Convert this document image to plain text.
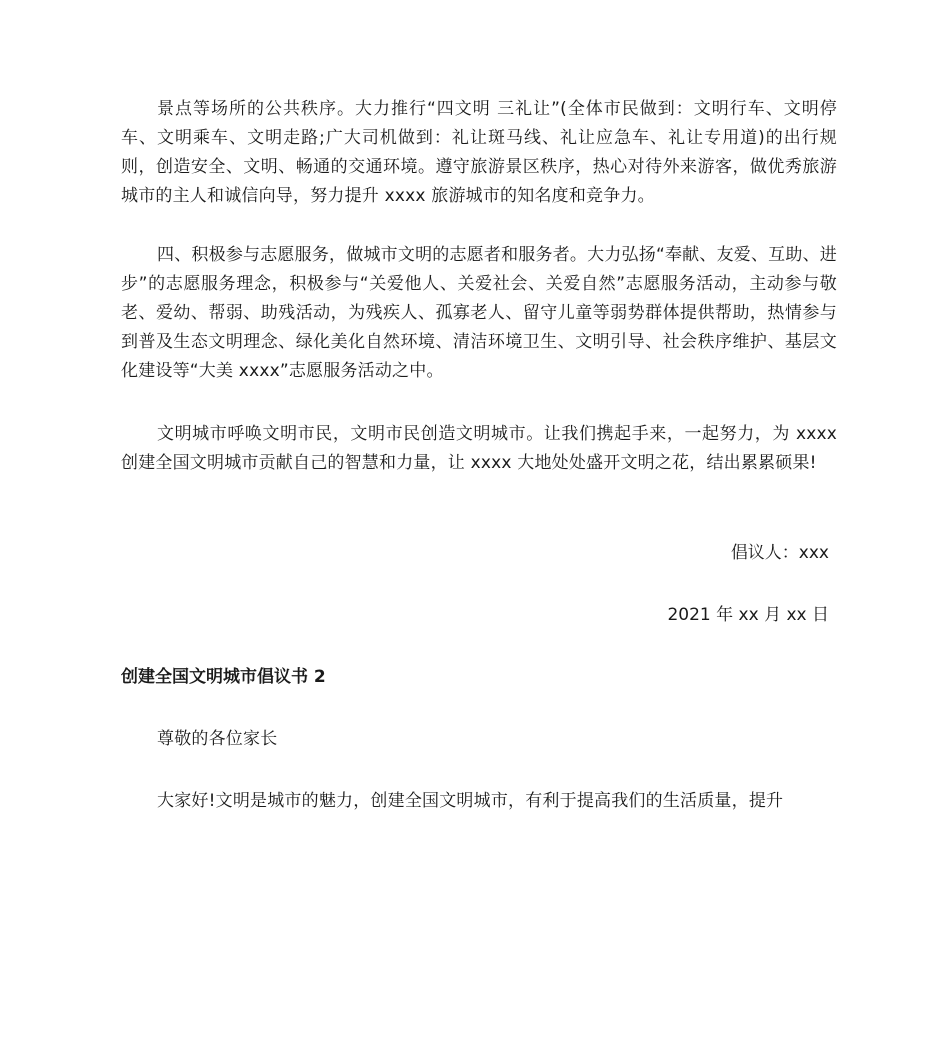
景点等场所的公共秩序。大力推行“四文明 三礼让”(全体市民做到：文明行车、文明停车、文明乘车、文明走路;广大司机做到：礼让斑马线、礼让应急车、礼让专用道)的出行规则，创造安全、文明、畅通的交通环境。遵守旅游景区秩序，热心对待外来游客，做优秀旅游城市的主人和诚信向导，努力提升 xxxx 旅游城市的知名度和竞争力。

四、积极参与志愿服务，做城市文明的志愿者和服务者。大力弘扬“奉献、友爱、互助、进步”的志愿服务理念，积极参与“关爱他人、关爱社会、关爱自然”志愿服务活动，主动参与敬老、爱幼、帮弱、助残活动，为残疾人、孤寡老人、留守儿童等弱势群体提供帮助，热情参与到普及生态文明理念、绿化美化自然环境、清洁环境卫生、文明引导、社会秩序维护、基层文化建设等“大美 xxxx”志愿服务活动之中。

文明城市呼唤文明市民，文明市民创造文明城市。让我们携起手来，一起努力，为 xxxx 创建全国文明城市贡献自己的智慧和力量，让 xxxx 大地处处盛开文明之花，结出累累硕果!

倡议人：xxx

2021 年 xx 月 xx 日

创建全国文明城市倡议书 2

尊敬的各位家长

大家好!文明是城市的魅力，创建全国文明城市，有利于提高我们的生活质量，提升
